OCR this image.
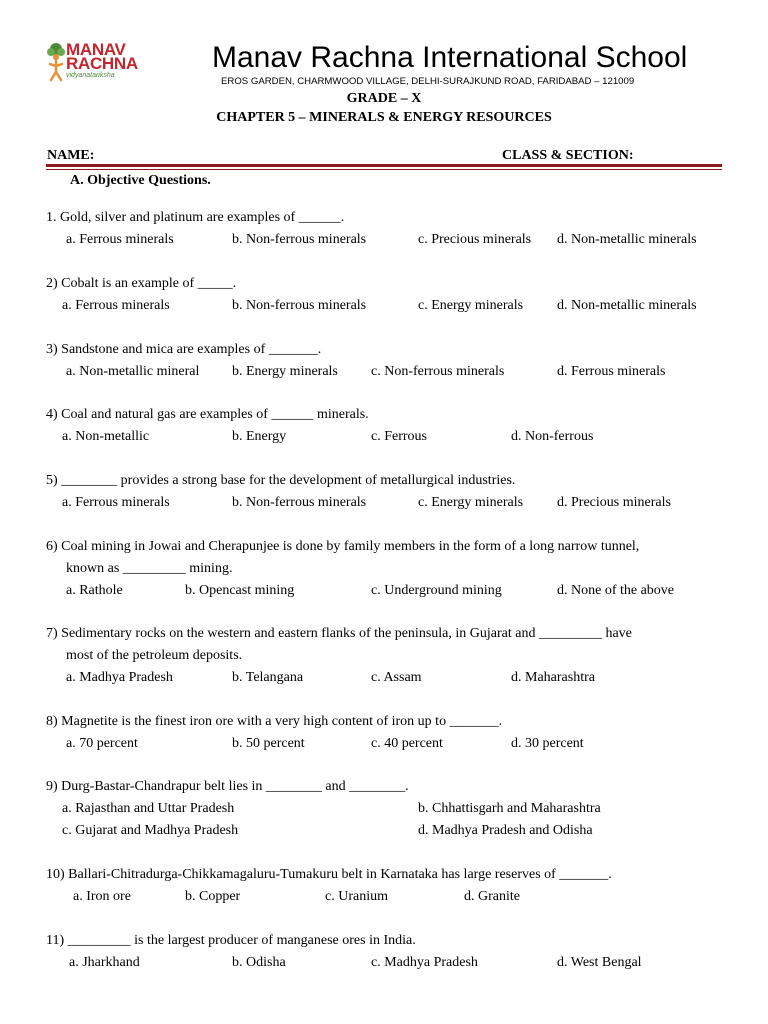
MANAV
RACHNA
vidyanatariksha
Manav Rachna International School
EROS GARDEN, CHARMWOOD VILLAGE, DELHI-SURAJKUND ROAD, FARIDABAD – 121009
GRADE – X
CHAPTER 5 – MINERALS & ENERGY RESOURCES
NAME:	CLASS & SECTION:
A. Objective Questions.
1. Gold, silver and platinum are examples of ______.
a. Ferrous minerals	b. Non-ferrous minerals	c. Precious minerals d. Non-metallic minerals
2) Cobalt is an example of _____.
a. Ferrous minerals	b. Non-ferrous minerals	c. Energy minerals d. Non-metallic minerals
3) Sandstone and mica are examples of _______.
a. Non-metallic mineral b. Energy minerals c. Non-ferrous minerals	d. Ferrous minerals
4) Coal and natural gas are examples of ______ minerals.
a. Non-metallic	b. Energy	c. Ferrous	d. Non-ferrous
5) ________ provides a strong base for the development of metallurgical industries.
a. Ferrous minerals	b. Non-ferrous minerals	c. Energy minerals d. Precious minerals
6) Coal mining in Jowai and Cherapunjee is done by family members in the form of a long narrow tunnel,
known as _________ mining.
a. Rathole	b. Opencast mining	c. Underground mining	d. None of the above
7) Sedimentary rocks on the western and eastern flanks of the peninsula, in Gujarat and _________ have
most of the petroleum deposits.
a. Madhya Pradesh	b. Telangana	c. Assam	d. Maharashtra
8) Magnetite is the finest iron ore with a very high content of iron up to _______.
a. 70 percent	b. 50 percent	c. 40 percent	d. 30 percent
9) Durg-Bastar-Chandrapur belt lies in ________ and ________.
a. Rajasthan and Uttar Pradesh	b. Chhattisgarh and Maharashtra
c. Gujarat and Madhya Pradesh	d. Madhya Pradesh and Odisha
10) Ballari-Chitradurga-Chikkamagaluru-Tumakuru belt in Karnataka has large reserves of _______.
a. Iron ore	b. Copper	c. Uranium	d. Granite
11) _________ is the largest producer of manganese ores in India.
a. Jharkhand	b. Odisha	c. Madhya Pradesh	d. West Bengal
